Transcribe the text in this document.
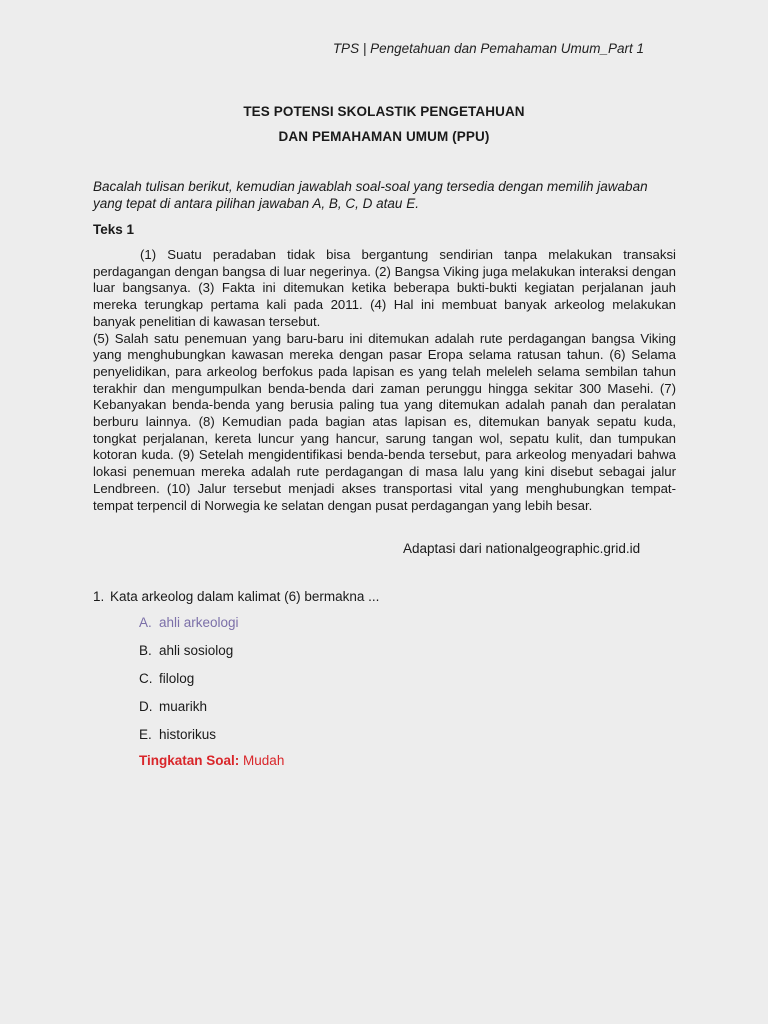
TPS | Pengetahuan dan Pemahaman Umum_Part 1
TES POTENSI SKOLASTIK PENGETAHUAN
DAN PEMAHAMAN UMUM (PPU)
Bacalah tulisan berikut, kemudian jawablah soal-soal yang tersedia dengan memilih jawaban yang tepat di antara pilihan jawaban A, B, C, D atau E.
Teks 1

(1) Suatu peradaban tidak bisa bergantung sendirian tanpa melakukan transaksi perdagangan dengan bangsa di luar negerinya. (2) Bangsa Viking juga melakukan interaksi dengan luar bangsanya. (3) Fakta ini ditemukan ketika beberapa bukti-bukti kegiatan perjalanan jauh mereka terungkap pertama kali pada 2011. (4) Hal ini membuat banyak arkeolog melakukan banyak penelitian di kawasan tersebut.

(5) Salah satu penemuan yang baru-baru ini ditemukan adalah rute perdagangan bangsa Viking yang menghubungkan kawasan mereka dengan pasar Eropa selama ratusan tahun. (6) Selama penyelidikan, para arkeolog berfokus pada lapisan es yang telah meleleh selama sembilan tahun terakhir dan mengumpulkan benda-benda dari zaman perunggu hingga sekitar 300 Masehi. (7) Kebanyakan benda-benda yang berusia paling tua yang ditemukan adalah panah dan peralatan berburu lainnya. (8) Kemudian pada bagian atas lapisan es, ditemukan banyak sepatu kuda, tongkat perjalanan, kereta luncur yang hancur, sarung tangan wol, sepatu kulit, dan tumpukan kotoran kuda. (9) Setelah mengidentifikasi benda-benda tersebut, para arkeolog menyadari bahwa lokasi penemuan mereka adalah rute perdagangan di masa lalu yang kini disebut sebagai jalur Lendbreen. (10) Jalur tersebut menjadi akses transportasi vital yang menghubungkan tempat-tempat terpencil di Norwegia ke selatan dengan pusat perdagangan yang lebih besar.

Adaptasi dari nationalgeographic.grid.id
1. Kata arkeolog dalam kalimat (6) bermakna ...
A. ahli arkeologi
B. ahli sosiolog
C. filolog
D. muarikh
E. historikus
Tingkatan Soal: Mudah
